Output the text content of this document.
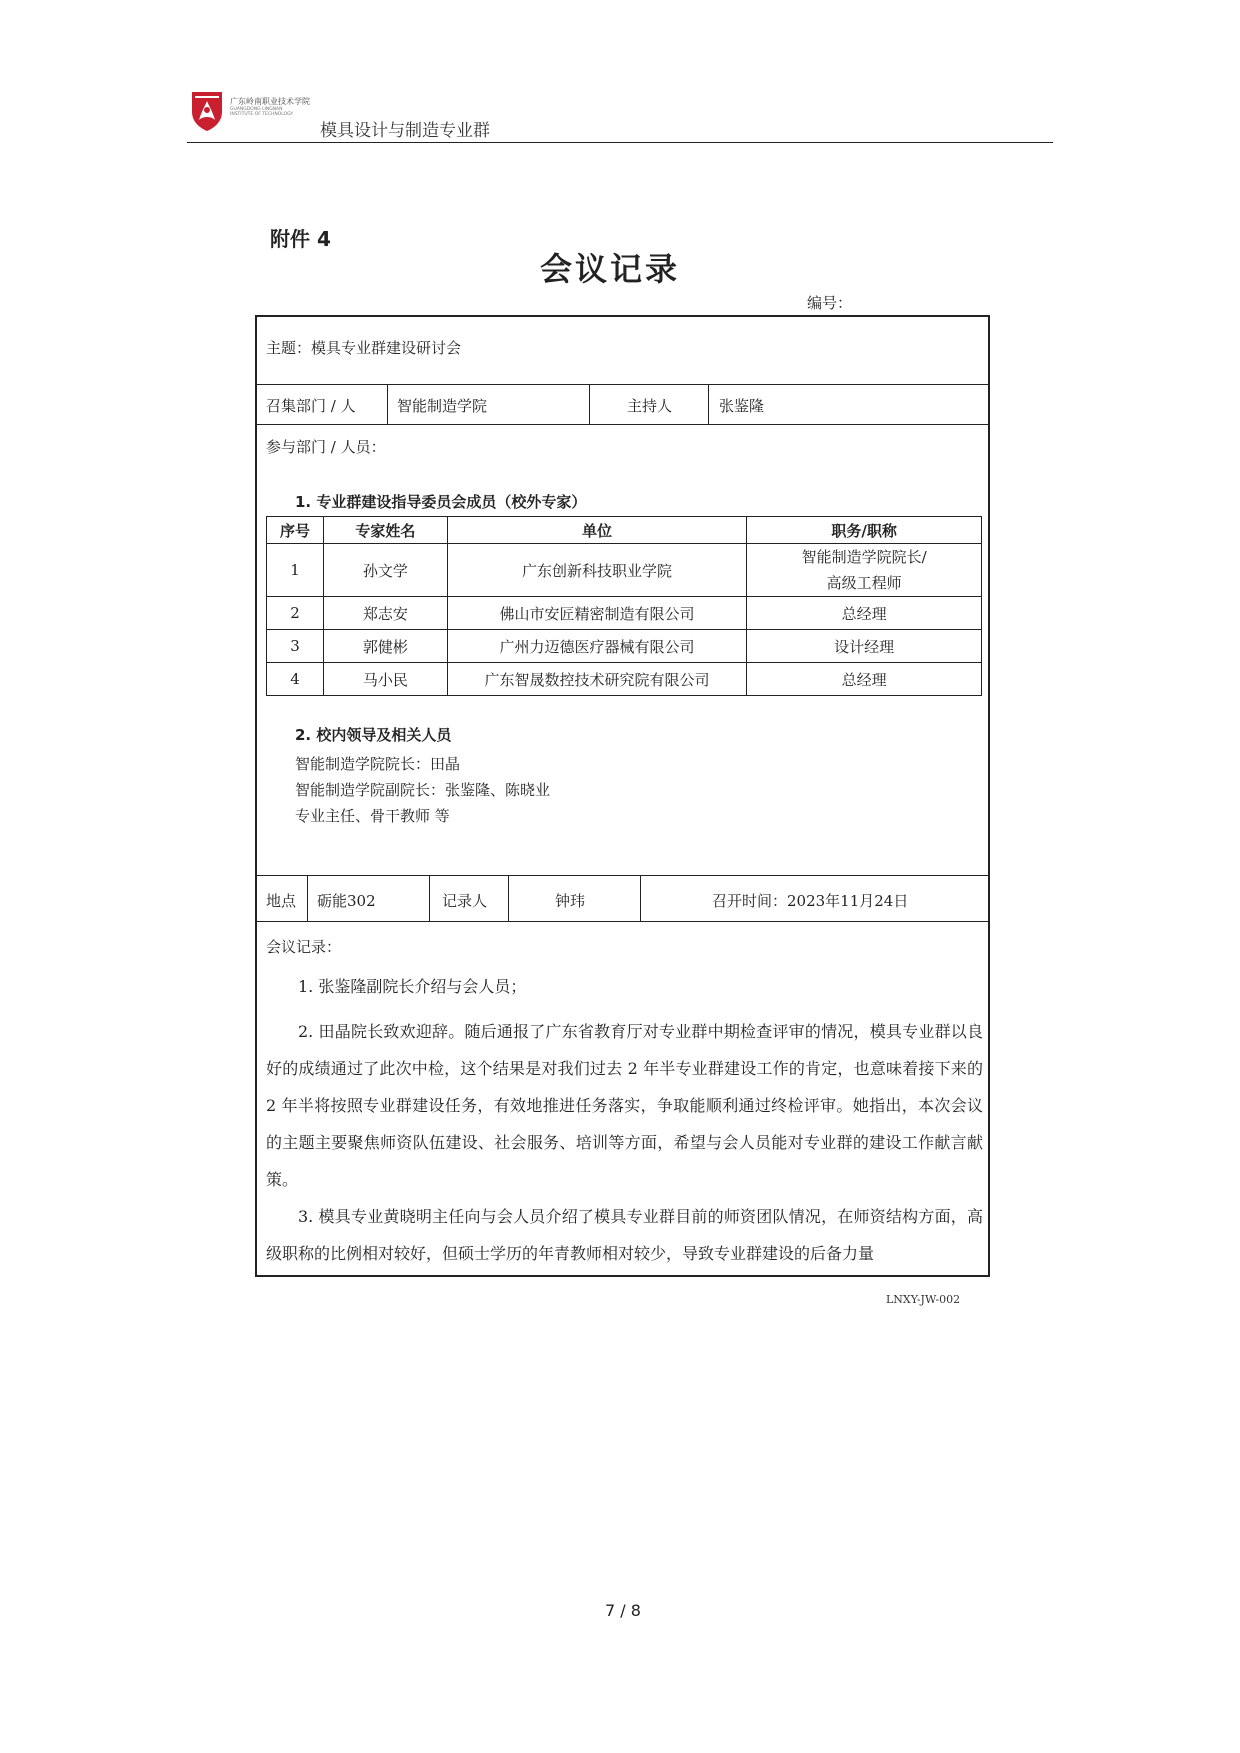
广东岭南职业技术学院
GUANGDONG LINGNAN
INSTITUTE OF TECHNOLOGY
模具设计与制造专业群
附件 4
会议记录
编号：
主题：模具专业群建设研讨会
召集部门 / 人	智能制造学院	主持人	张鉴隆
参与部门 / 人员：
1. 专业群建设指导委员会成员（校外专家）
序号	专家姓名	单位	职务/职称
1	孙文学	广东创新科技职业学院	智能制造学院院长/
高级工程师

2	郑志安	佛山市安匠精密制造有限公司	总经理
3	郭健彬	广州力迈德医疗器械有限公司	设计经理
4	马小民	广东智晟数控技术研究院有限公司	总经理
2. 校内领导及相关人员
智能制造学院院长：田晶
智能制造学院副院长：张鉴隆、陈晓业
专业主任、骨干教师 等
地点 砺能302	记录人	钟玮	召开时间：2023年11月24日
会议记录：
1. 张鉴隆副院长介绍与会人员；
2. 田晶院长致欢迎辞。随后通报了广东省教育厅对专业群中期检查评审的情况，模具专业群以良好的成绩通过了此次中检，这个结果是对我们过去 2 年半专业群建设工作的肯定，也意味着接下来的 2 年半将按照专业群建设任务，有效地推进任务落实，争取能顺利通过终检评审。她指出，本次会议的主题主要聚焦师资队伍建设、社会服务、培训等方面，希望与会人员能对专业群的建设工作献言献策。
3. 模具专业黄晓明主任向与会人员介绍了模具专业群目前的师资团队情况，在师资结构方面，高级职称的比例相对较好，但硕士学历的年青教师相对较少，导致专业群建设的后备力量
LNXY-JW-002
7 / 8
